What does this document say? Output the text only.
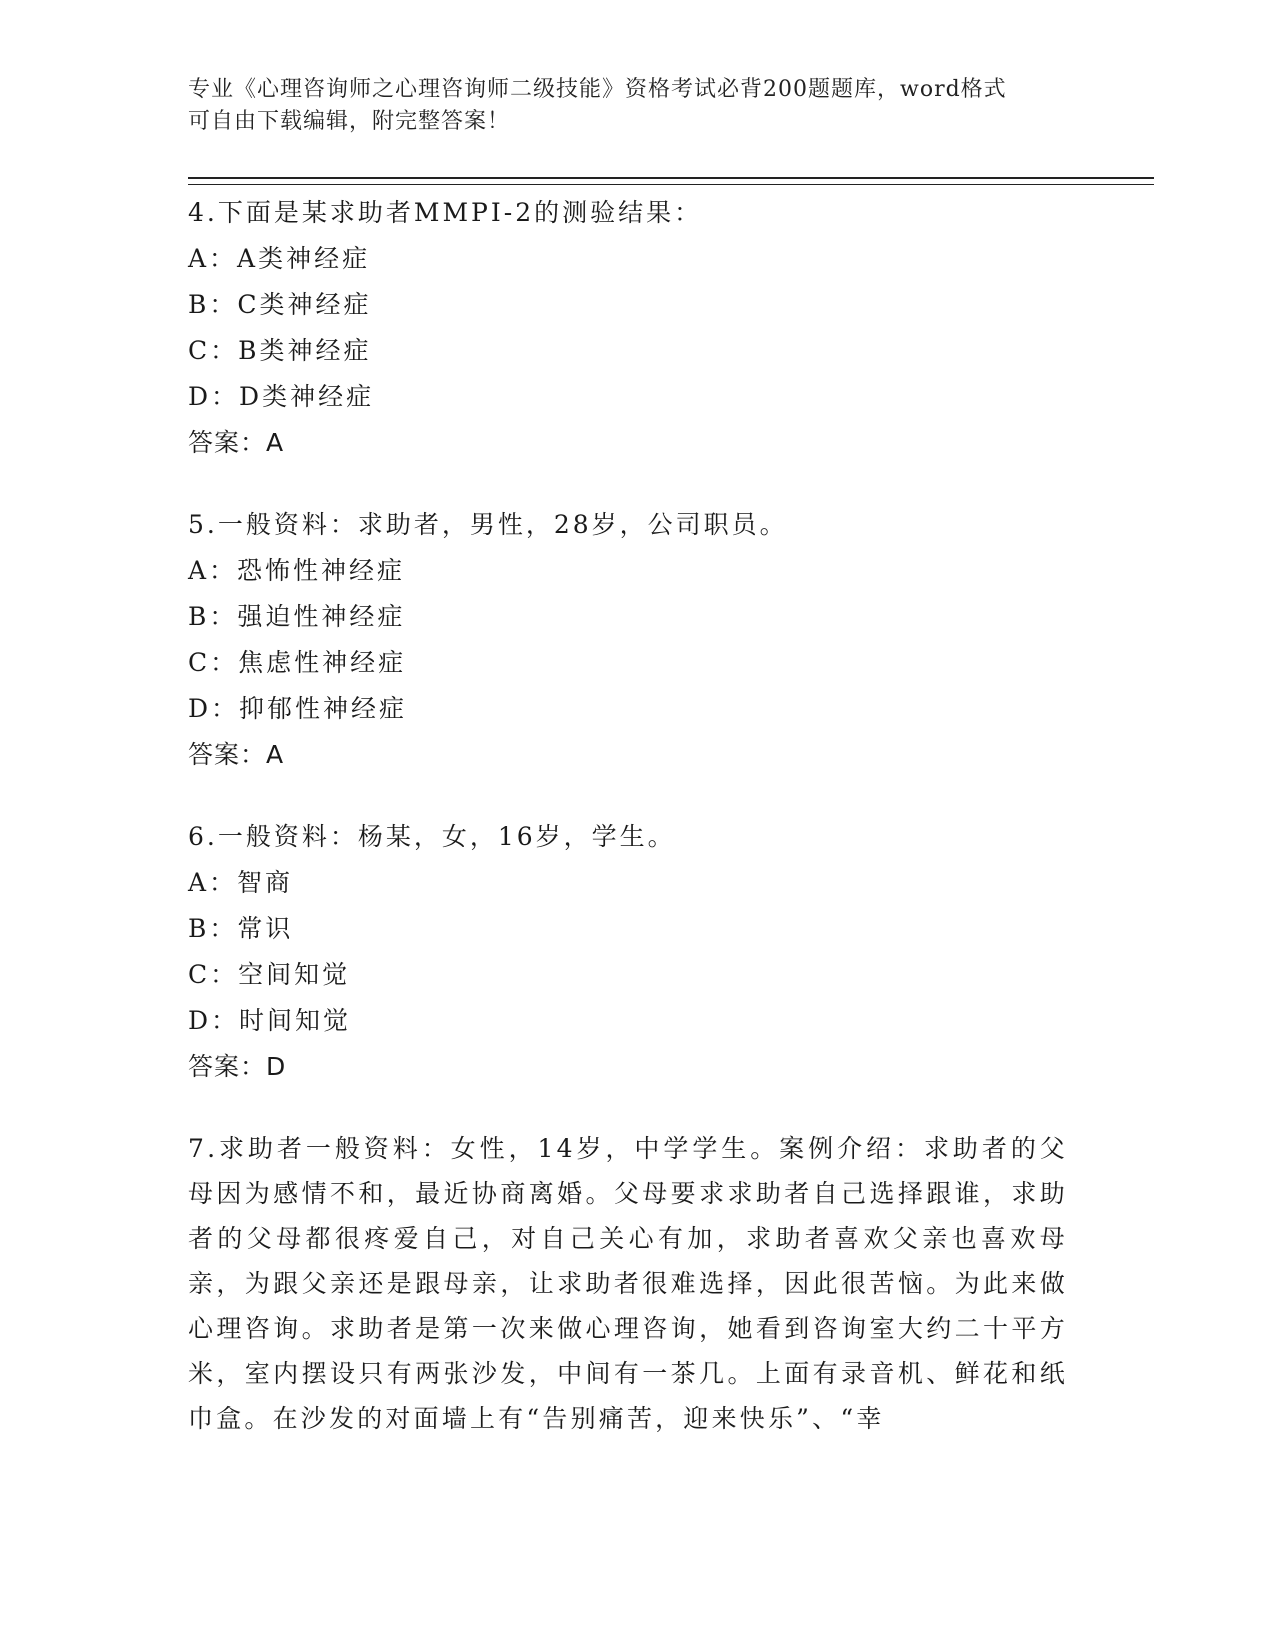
专业《心理咨询师之心理咨询师二级技能》资格考试必背200题题库，word格式
可自由下载编辑，附完整答案！
4.下面是某求助者MMPI-2的测验结果：
A：A类神经症
B：C类神经症
C：B类神经症
D：D类神经症
答案：A
5.一般资料：求助者，男性，28岁，公司职员。
A：恐怖性神经症
B：强迫性神经症
C：焦虑性神经症
D：抑郁性神经症
答案：A
6.一般资料：杨某，女，16岁，学生。
A：智商
B：常识
C：空间知觉
D：时间知觉
答案：D
7.求助者一般资料：女性，14岁，中学学生。案例介绍：求助者的父母因为感情不和，最近协商离婚。父母要求求助者自己选择跟谁，求助者的父母都很疼爱自己，对自己关心有加，求助者喜欢父亲也喜欢母亲，为跟父亲还是跟母亲，让求助者很难选择，因此很苦恼。为此来做心理咨询。求助者是第一次来做心理咨询，她看到咨询室大约二十平方米，室内摆设只有两张沙发，中间有一茶几。上面有录音机、鲜花和纸巾盒。在沙发的对面墙上有“告别痛苦，迎来快乐”、“幸
